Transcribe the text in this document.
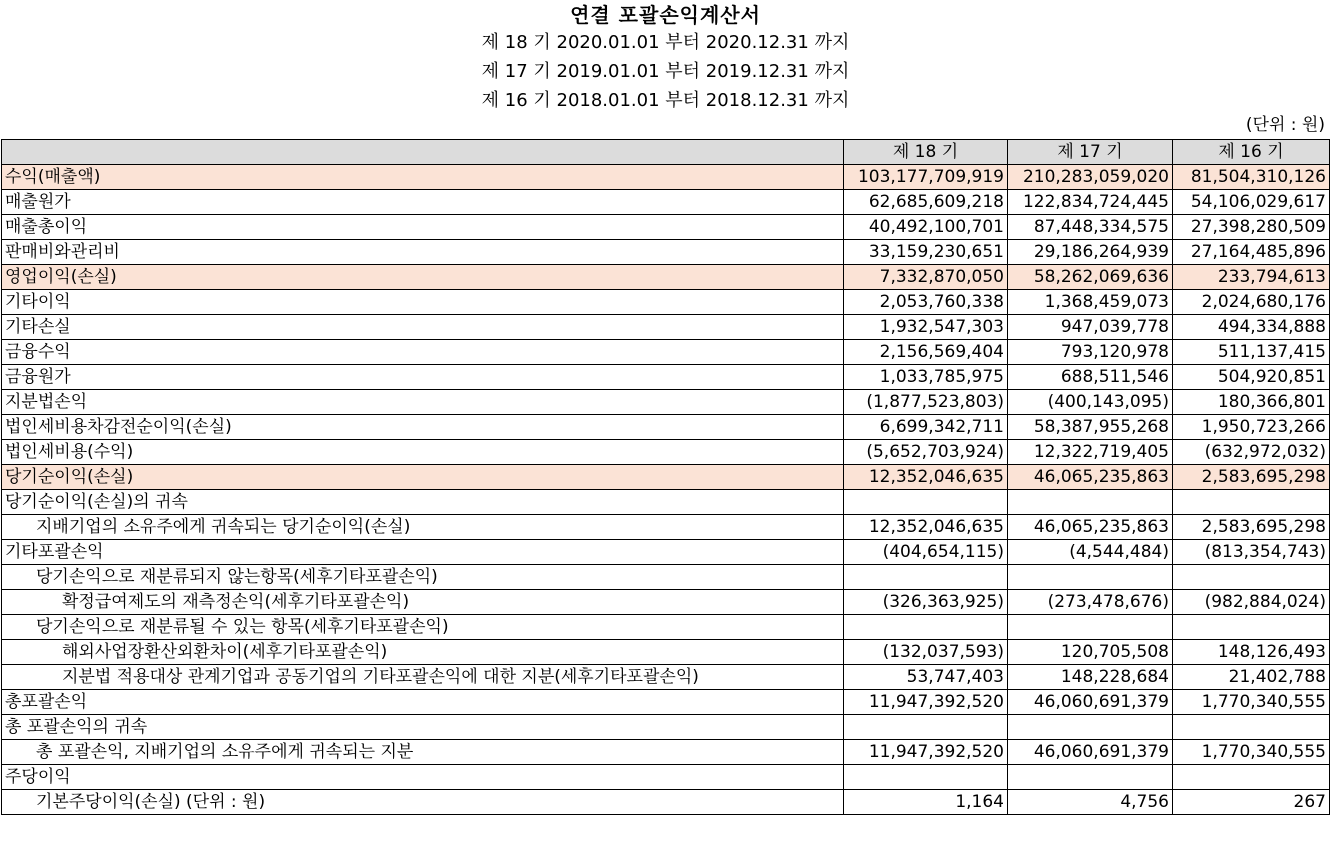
연결 포괄손익계산서
제 18 기 2020.01.01 부터 2020.12.31 까지
제 17 기 2019.01.01 부터 2019.12.31 까지
제 16 기 2018.01.01 부터 2018.12.31 까지
(단위 : 원)
	제 18 기	제 17 기	제 16 기
수익(매출액)	103,177,709,919	210,283,059,020	81,504,310,126
매출원가	62,685,609,218	122,834,724,445	54,106,029,617
매출총이익	40,492,100,701	87,448,334,575	27,398,280,509
판매비와관리비	33,159,230,651	29,186,264,939	27,164,485,896
영업이익(손실)	7,332,870,050	58,262,069,636	233,794,613
기타이익	2,053,760,338	1,368,459,073	2,024,680,176
기타손실	1,932,547,303	947,039,778	494,334,888
금융수익	2,156,569,404	793,120,978	511,137,415
금융원가	1,033,785,975	688,511,546	504,920,851
지분법손익	(1,877,523,803)	(400,143,095)	180,366,801
법인세비용차감전순이익(손실)	6,699,342,711	58,387,955,268	1,950,723,266
법인세비용(수익)	(5,652,703,924)	12,322,719,405	(632,972,032)
당기순이익(손실)	12,352,046,635	46,065,235,863	2,583,695,298
당기순이익(손실)의 귀속			
지배기업의 소유주에게 귀속되는 당기순이익(손실)	12,352,046,635	46,065,235,863	2,583,695,298
기타포괄손익	(404,654,115)	(4,544,484)	(813,354,743)
당기손익으로 재분류되지 않는항목(세후기타포괄손익)			
확정급여제도의 재측정손익(세후기타포괄손익)	(326,363,925)	(273,478,676)	(982,884,024)
당기손익으로 재분류될 수 있는 항목(세후기타포괄손익)			
해외사업장환산외환차이(세후기타포괄손익)	(132,037,593)	120,705,508	148,126,493
지분법 적용대상 관계기업과 공동기업의 기타포괄손익에 대한 지분(세후기타포괄손익)	53,747,403	148,228,684	21,402,788
총포괄손익	11,947,392,520	46,060,691,379	1,770,340,555
총 포괄손익의 귀속			
총 포괄손익, 지배기업의 소유주에게 귀속되는 지분	11,947,392,520	46,060,691,379	1,770,340,555
주당이익			
기본주당이익(손실) (단위 : 원)	1,164	4,756	267
